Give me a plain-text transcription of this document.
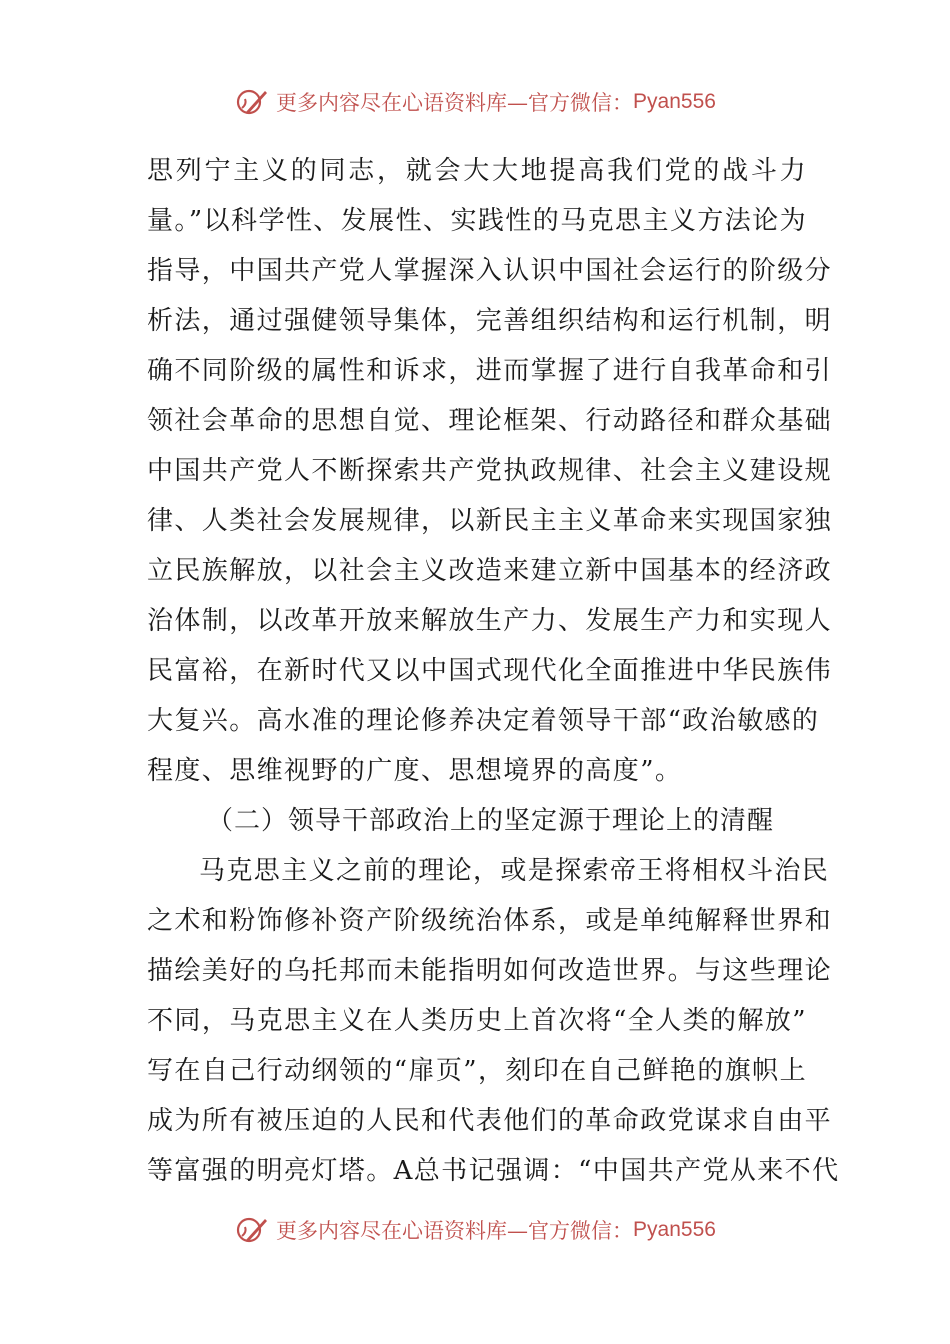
更多内容尽在心语资料库—官方微信： Pyan556
思列宁主义的同志，就会大大地提高我们党的战斗力
量。”以科学性、发展性、实践性的马克思主义方法论为
指导，中国共产党人掌握深入认识中国社会运行的阶级分
析法，通过强健领导集体，完善组织结构和运行机制，明
确不同阶级的属性和诉求，进而掌握了进行自我革命和引
领社会革命的思想自觉、理论框架、行动路径和群众基础
中国共产党人不断探索共产党执政规律、社会主义建设规
律、人类社会发展规律，以新民主主义革命来实现国家独
立民族解放，以社会主义改造来建立新中国基本的经济政
治体制，以改革开放来解放生产力、发展生产力和实现人
民富裕，在新时代又以中国式现代化全面推进中华民族伟
大复兴。高水准的理论修养决定着领导干部“政治敏感的
程度、思维视野的广度、思想境界的高度”。
（二）领导干部政治上的坚定源于理论上的清醒
马克思主义之前的理论，或是探索帝王将相权斗治民
之术和粉饰修补资产阶级统治体系，或是单纯解释世界和
描绘美好的乌托邦而未能指明如何改造世界。与这些理论
不同，马克思主义在人类历史上首次将“全人类的解放”
写在自己行动纲领的“扉页”，刻印在自己鲜艳的旗帜上
成为所有被压迫的人民和代表他们的革命政党谋求自由平
等富强的明亮灯塔。A总书记强调：“中国共产党从来不代
更多内容尽在心语资料库—官方微信： Pyan556
